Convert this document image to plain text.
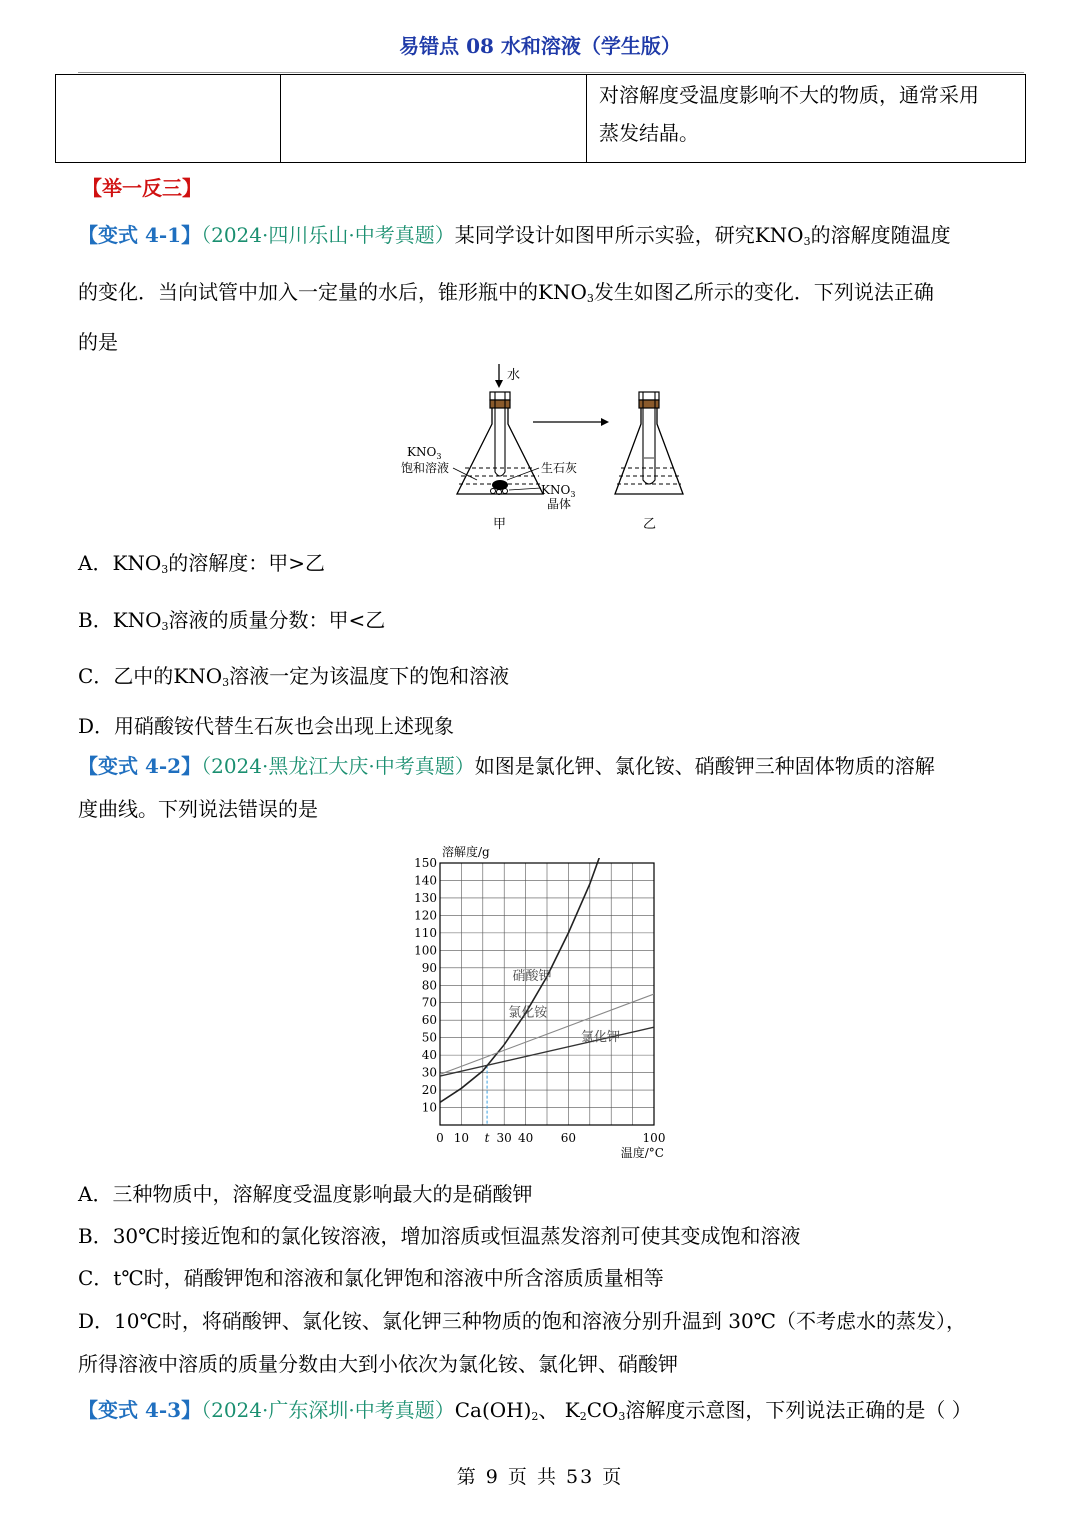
易错点 08 水和溶液（学生版）

对溶解度受温度影响不大的物质，通常采用
蒸发结晶。
【举一反三】
【变式 4-1】（2024·四川乐山·中考真题）某同学设计如图甲所示实验，研究$KNO_3$的溶解度随温度
的变化．当向试管中加入一定量的水后，锥形瓶中的$KNO_3$发生如图乙所示的变化．下列说法正确
的是
水
$KNO_3$
饱和溶液	生石灰
$KNO_3$
晶体
甲	乙
A．$KNO_3$的溶解度：甲>乙
B．$KNO_3$溶液的质量分数：甲<乙
C．乙中的$KNO_3$溶液一定为该温度下的饱和溶液
D．用硝酸铵代替生石灰也会出现上述现象
【变式 4-2】（2024·黑龙江大庆·中考真题）如图是氯化钾、氯化铵、硝酸钾三种固体物质的溶解
度曲线。下列说法错误的是
10
20
30
40
50
60
70
80
90
100
110
120
130
140
150
0 10 t 30 40 60	100
溶解度/g
温度/°C
硝酸钾
氯化铵
氯化钾
A．三种物质中，溶解度受温度影响最大的是硝酸钾
B．30℃时接近饱和的氯化铵溶液，增加溶质或恒温蒸发溶剂可使其变成饱和溶液
C．t℃时，硝酸钾饱和溶液和氯化钾饱和溶液中所含溶质质量相等
D．10℃时，将硝酸钾、氯化铵、氯化钾三种物质的饱和溶液分别升温到 30℃（不考虑水的蒸发），
所得溶液中溶质的质量分数由大到小依次为氯化铵、氯化钾、硝酸钾
【变式 4-3】（2024·广东深圳·中考真题）$Ca(OH)_2$、 $K_2CO_3$溶解度示意图，下列说法正确的是（ ）
第 9 页 共 53 页
